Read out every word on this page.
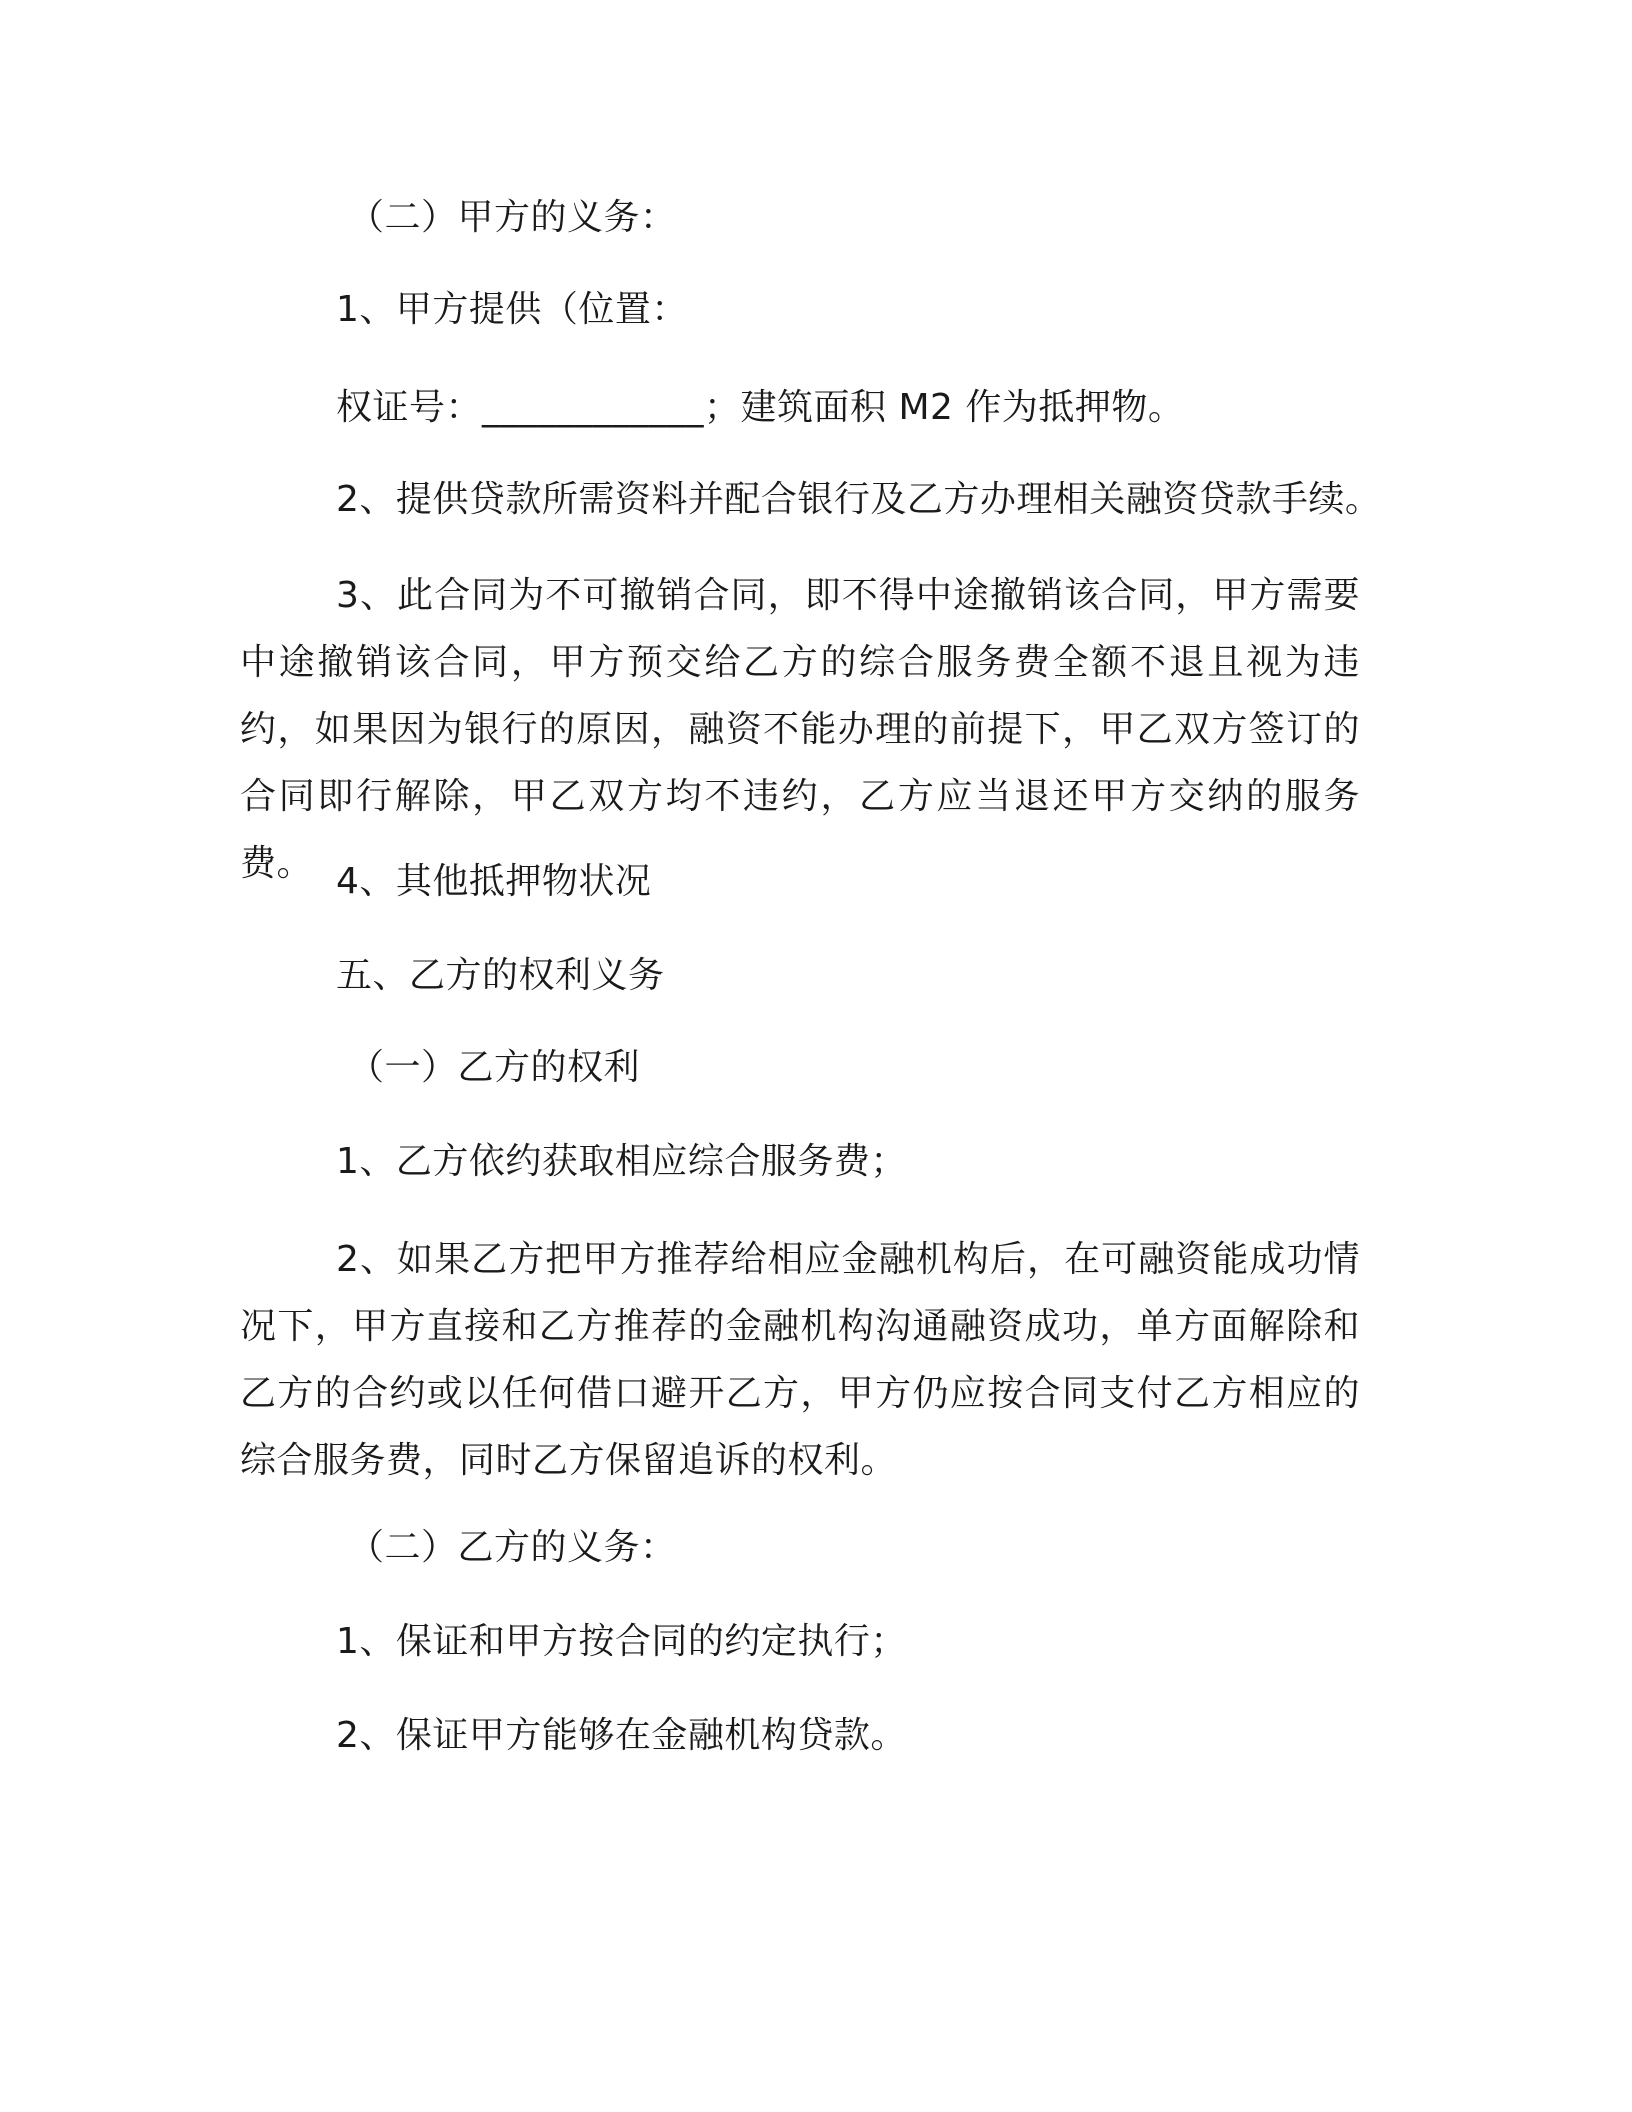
（二）甲方的义务：
1、甲方提供（位置：
权证号：____________；建筑面积 M2 作为抵押物。
2、提供贷款所需资料并配合银行及乙方办理相关融资贷款手续。
3、此合同为不可撤销合同，即不得中途撤销该合同，甲方需要中途撤销该合同，甲方预交给乙方的综合服务费全额不退且视为违约，如果因为银行的原因，融资不能办理的前提下，甲乙双方签订的合同即行解除，甲乙双方均不违约，乙方应当退还甲方交纳的服务费。 4、其他抵押物状况
五、乙方的权利义务
（一）乙方的权利
1、乙方依约获取相应综合服务费；
2、如果乙方把甲方推荐给相应金融机构后，在可融资能成功情况下，甲方直接和乙方推荐的金融机构沟通融资成功，单方面解除和乙方的合约或以任何借口避开乙方，甲方仍应按合同支付乙方相应的综合服务费，同时乙方保留追诉的权利。
（二）乙方的义务：
1、保证和甲方按合同的约定执行；
2、保证甲方能够在金融机构贷款。
